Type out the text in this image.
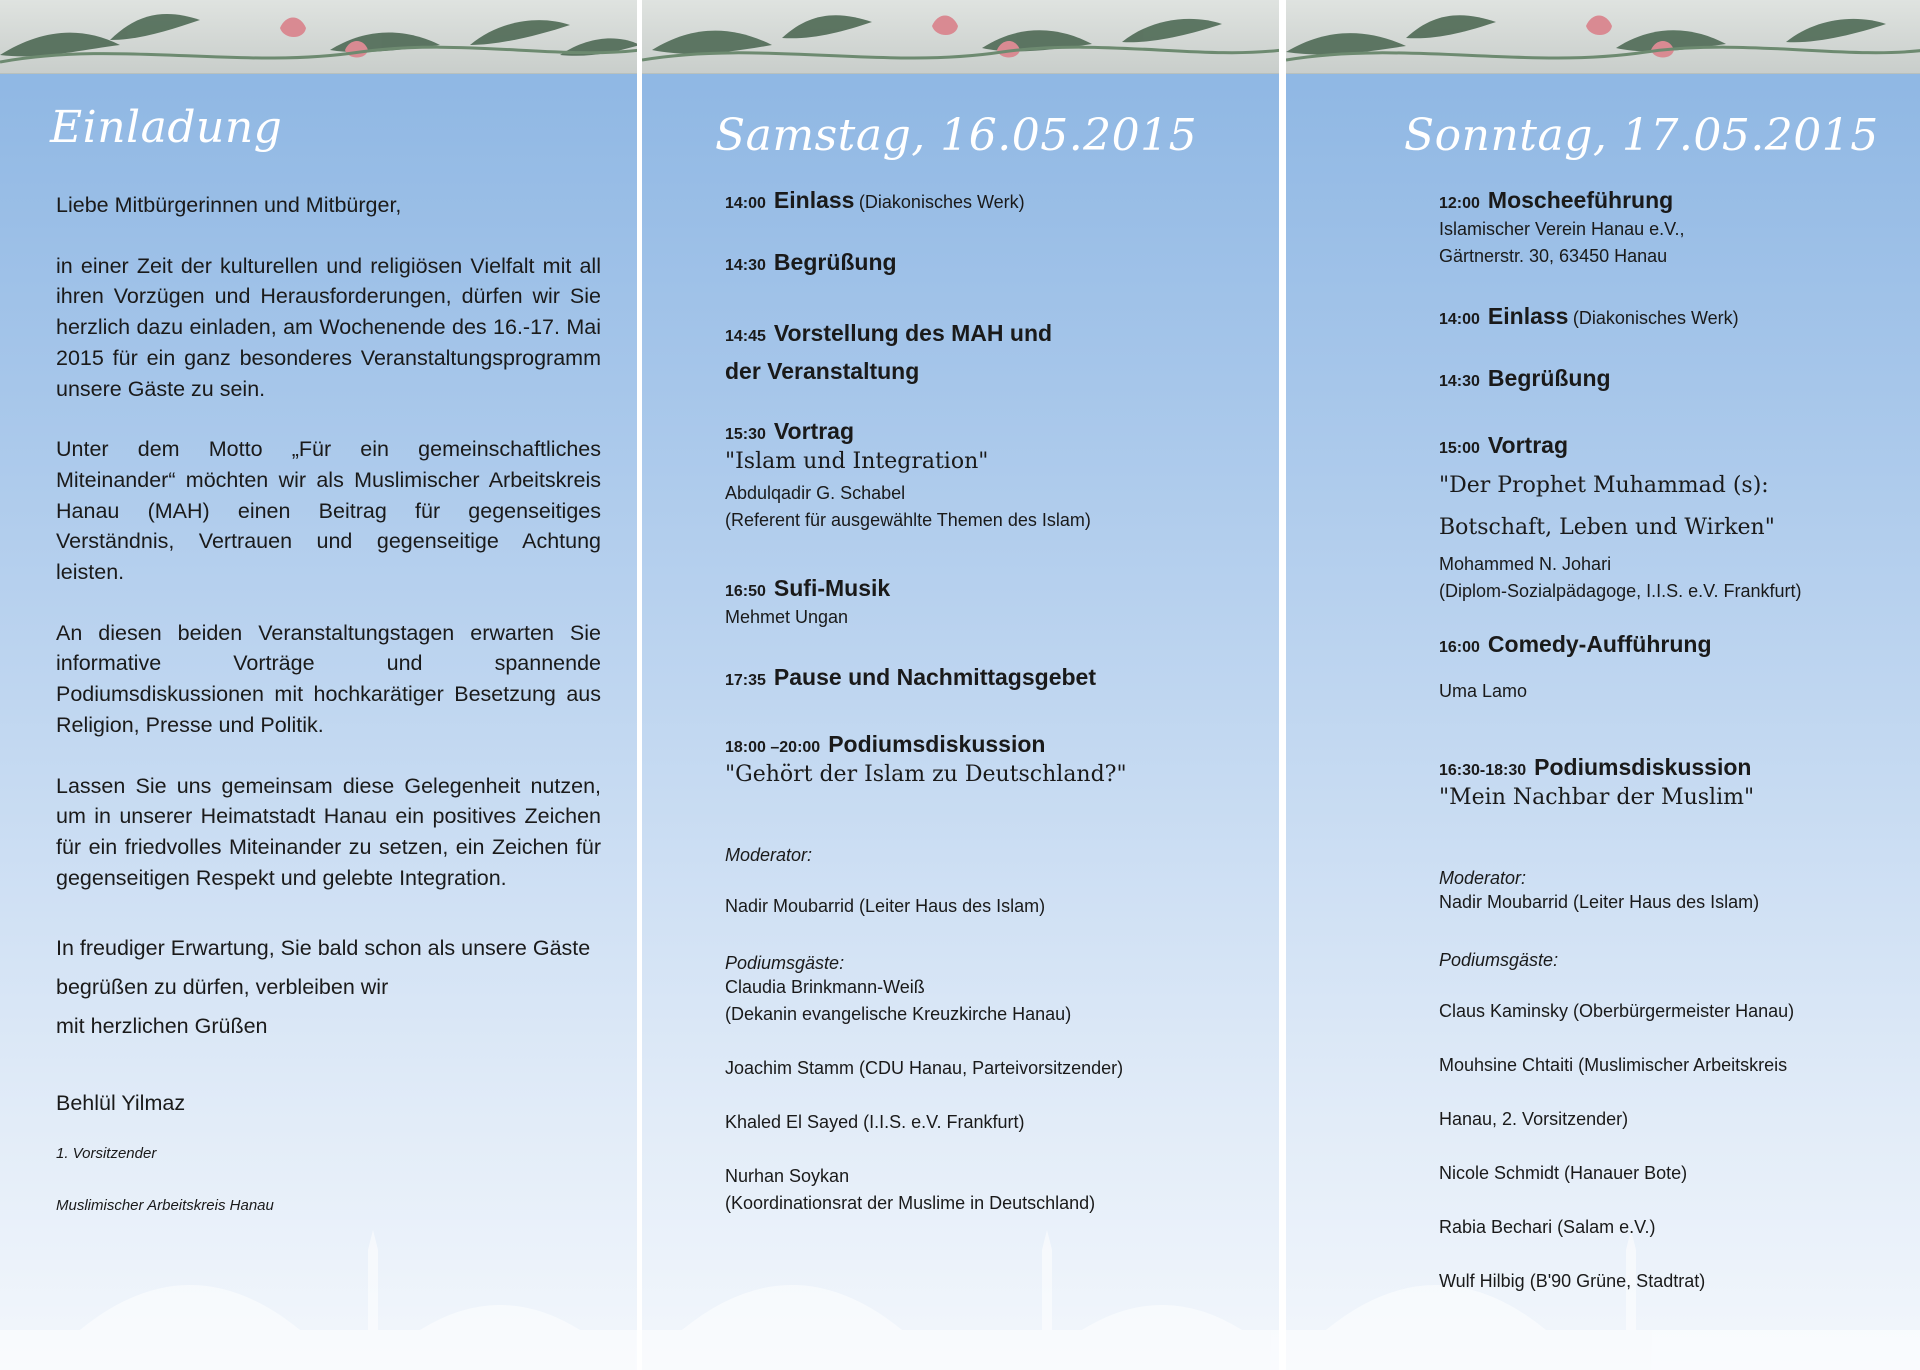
Einladung

Liebe Mitbürgerinnen und Mitbürger,

in einer Zeit der kulturellen und religiösen Vielfalt mit all ihren Vorzügen und Herausforderungen, dürfen wir Sie herzlich dazu einladen, am Wochenende des 16.-17. Mai 2015 für ein ganz besonderes Veranstaltungsprogramm unsere Gäste zu sein.

Unter dem Motto „Für ein gemeinschaftliches Miteinander“ möchten wir als Muslimischer Arbeitskreis Hanau (MAH) einen Beitrag für gegenseitiges Verständnis, Vertrauen und gegenseitige Achtung leisten.

An diesen beiden Veranstaltungstagen erwarten Sie informative Vorträge und spannende Podiumsdiskussionen mit hochkarätiger Besetzung aus Religion, Presse und Politik.

Lassen Sie uns gemeinsam diese Gelegenheit nutzen, um in unserer Heimatstadt Hanau ein positives Zeichen für ein friedvolles Miteinander zu setzen, ein Zeichen für gegenseitigen Respekt und gelebte Integration.

In freudiger Erwartung, Sie bald schon als unsere Gäste

begrüßen zu dürfen, verbleiben wir

mit herzlichen Grüßen

Behlül Yilmaz

1. Vorsitzender

Muslimischer Arbeitskreis Hanau

Samstag, 16.05.2015
14:00 Einlass (Diakonisches Werk)
14:30 Begrüßung
14:45 Vorstellung des MAH und
der Veranstaltung
15:30 Vortrag
"Islam und Integration"
Abdulqadir G. Schabel
(Referent für ausgewählte Themen des Islam)
16:50 Sufi-Musik
Mehmet Ungan
17:35 Pause und Nachmittagsgebet
18:00 –20:00 Podiumsdiskussion
"Gehört der Islam zu Deutschland?"
Moderator:
Nadir Moubarrid (Leiter Haus des Islam)
Podiumsgäste:
Claudia Brinkmann-Weiß
(Dekanin evangelische Kreuzkirche Hanau)
Joachim Stamm (CDU Hanau, Parteivorsitzender)
Khaled El Sayed (I.I.S. e.V. Frankfurt)
Nurhan Soykan
(Koordinationsrat der Muslime in Deutschland)
Sonntag, 17.05.2015
12:00 Moscheeführung
Islamischer Verein Hanau e.V.,
Gärtnerstr. 30, 63450 Hanau
14:00 Einlass (Diakonisches Werk)
14:30 Begrüßung
15:00 Vortrag
"Der Prophet Muhammad (s):
Botschaft, Leben und Wirken"
Mohammed N. Johari
(Diplom-Sozialpädagoge, I.I.S. e.V. Frankfurt)
16:00 Comedy-Aufführung
Uma Lamo
16:30-18:30 Podiumsdiskussion
"Mein Nachbar der Muslim"
Moderator:
Nadir Moubarrid (Leiter Haus des Islam)
Podiumsgäste:
Claus Kaminsky (Oberbürgermeister Hanau)
Mouhsine Chtaiti (Muslimischer Arbeitskreis
Hanau, 2. Vorsitzender)
Nicole Schmidt (Hanauer Bote)
Rabia Bechari (Salam e.V.)
Wulf Hilbig (B'90 Grüne, Stadtrat)
